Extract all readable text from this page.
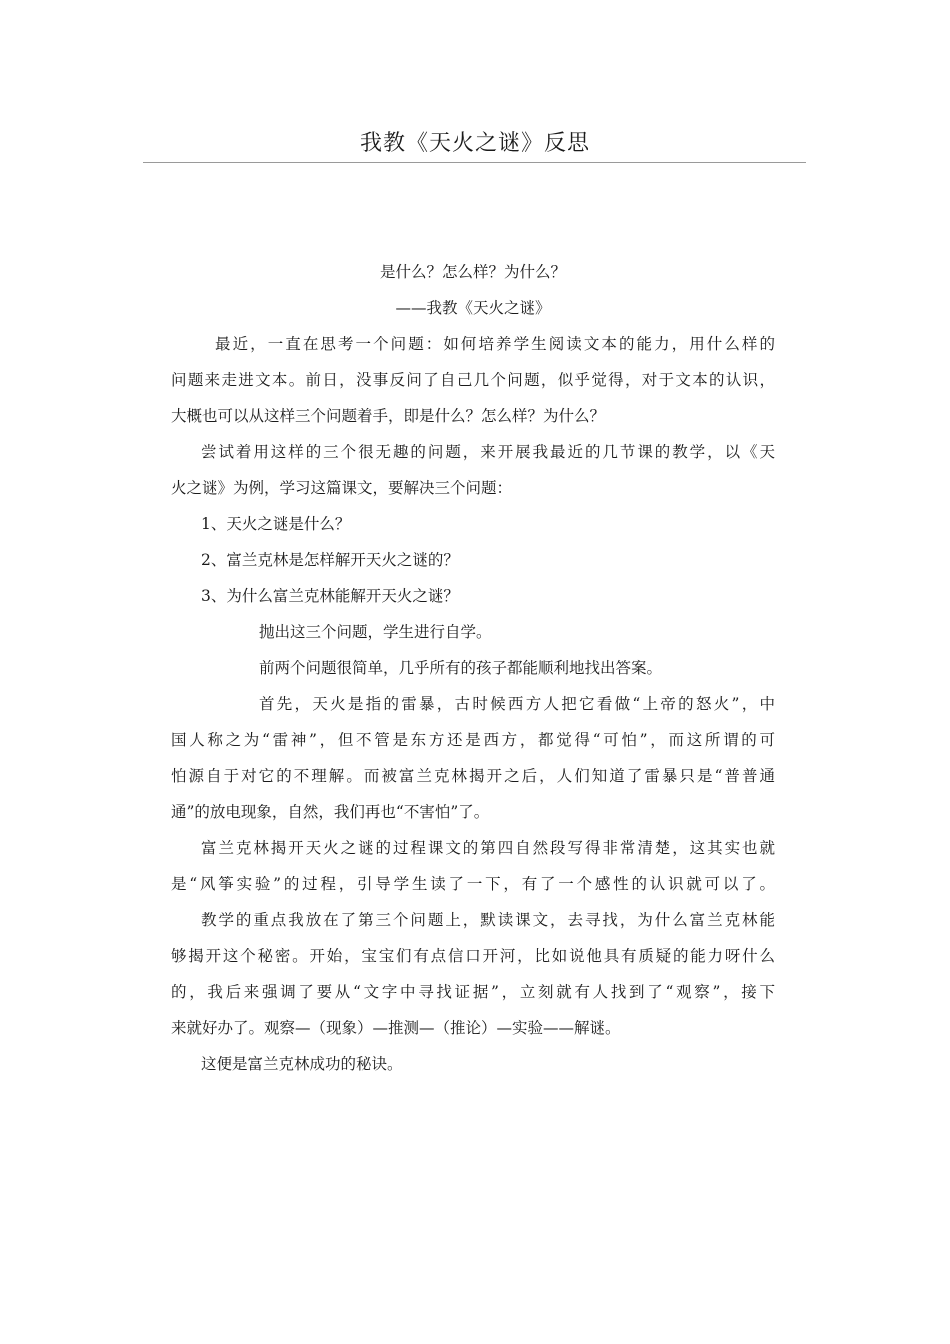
我教《天火之谜》反思
是什么？怎么样？为什么？
——我教《天火之谜》
最近，一直在思考一个问题：如何培养学生阅读文本的能力，用什么样的
问题来走进文本。前日，没事反问了自己几个问题，似乎觉得，对于文本的认识，
大概也可以从这样三个问题着手，即是什么？怎么样？为什么？
尝试着用这样的三个很无趣的问题，来开展我最近的几节课的教学，以《天
火之谜》为例，学习这篇课文，要解决三个问题：
1、天火之谜是什么？
2、富兰克林是怎样解开天火之谜的？
3、为什么富兰克林能解开天火之谜？
抛出这三个问题，学生进行自学。
前两个问题很简单，几乎所有的孩子都能顺利地找出答案。
首先，天火是指的雷暴，古时候西方人把它看做“上帝的怒火”，中
国人称之为“雷神”，但不管是东方还是西方，都觉得“可怕”，而这所谓的可
怕源自于对它的不理解。而被富兰克林揭开之后，人们知道了雷暴只是“普普通
通”的放电现象，自然，我们再也“不害怕”了。
富兰克林揭开天火之谜的过程课文的第四自然段写得非常清楚，这其实也就
是“风筝实验”的过程，引导学生读了一下，有了一个感性的认识就可以了。
教学的重点我放在了第三个问题上，默读课文，去寻找，为什么富兰克林能
够揭开这个秘密。开始，宝宝们有点信口开河，比如说他具有质疑的能力呀什么
的，我后来强调了要从“文字中寻找证据”，立刻就有人找到了“观察”，接下
来就好办了。观察—（现象）—推测—（推论）—实验——解谜。
这便是富兰克林成功的秘诀。
